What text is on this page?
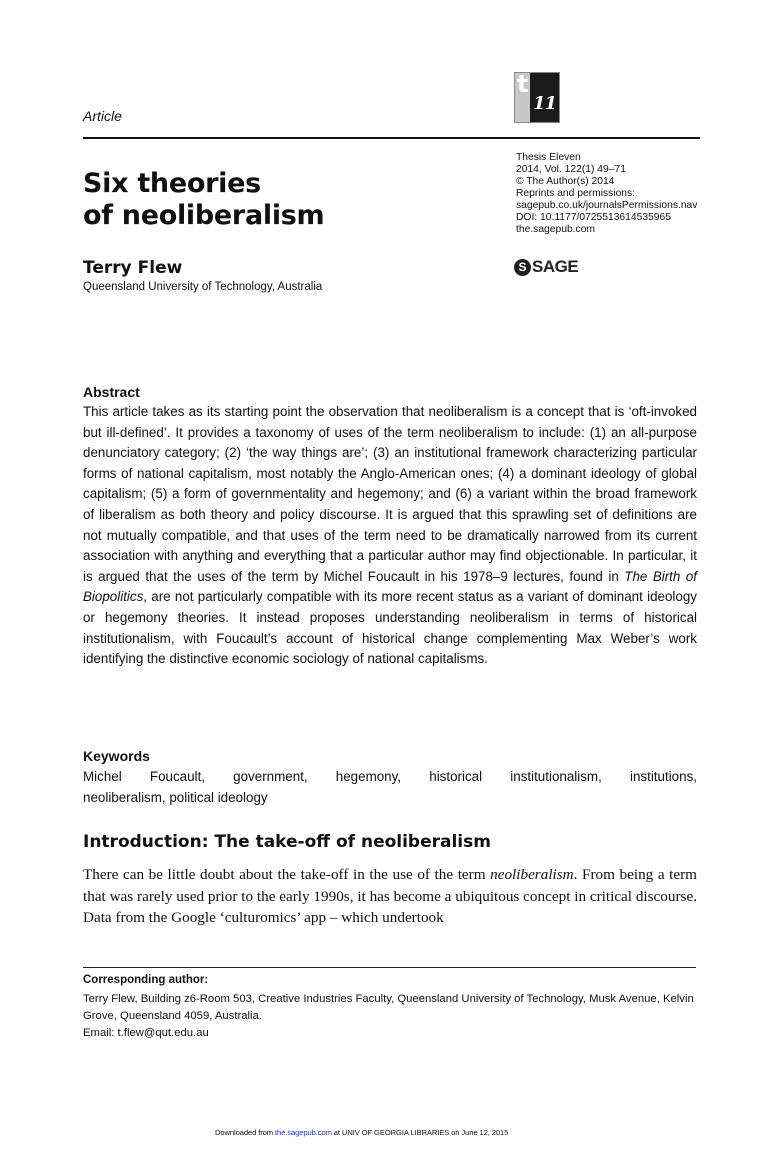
Article
t
11
Thesis Eleven
2014, Vol. 122(1) 49–71
© The Author(s) 2014
Reprints and permissions:
sagepub.co.uk/journalsPermissions.nav
DOI: 10.1177/0725513614535965
the.sagepub.com
S SAGE
Six theories
of neoliberalism
Terry Flew
Queensland University of Technology, Australia
Abstract
This article takes as its starting point the observation that neoliberalism is a concept that is ‘oft-invoked but ill-defined’. It provides a taxonomy of uses of the term neoliberalism to include: (1) an all-purpose denunciatory category; (2) ‘the way things are’; (3) an institutional framework characterizing particular forms of national capitalism, most notably the Anglo-American ones; (4) a dominant ideology of global capitalism; (5) a form of governmentality and hegemony; and (6) a variant within the broad framework of liberalism as both theory and policy discourse. It is argued that this sprawling set of definitions are not mutually compatible, and that uses of the term need to be dramatically narrowed from its current association with anything and everything that a particular author may find objectionable. In particular, it is argued that the uses of the term by Michel Foucault in his 1978–9 lectures, found in The Birth of Biopolitics, are not particularly compatible with its more recent status as a variant of dominant ideology or hegemony theories. It instead proposes understanding neoliberalism in terms of historical institutionalism, with Foucault’s account of historical change complementing Max Weber’s work identifying the distinctive economic sociology of national capitalisms.
Keywords
Michel Foucault, government, hegemony, historical institutionalism, institutions,
neoliberalism, political ideology
Introduction: The take-off of neoliberalism
There can be little doubt about the take-off in the use of the term neoliberalism. From being a term that was rarely used prior to the early 1990s, it has become a ubiquitous concept in critical discourse. Data from the Google ‘culturomics’ app – which undertook
Corresponding author:
Terry Flew, Building z6-Room 503, Creative Industries Faculty, Queensland University of Technology, Musk Avenue, Kelvin Grove, Queensland 4059, Australia.
Email: t.flew@qut.edu.au
Downloaded from the.sagepub.com at UNIV OF GEORGIA LIBRARIES on June 12, 2015
